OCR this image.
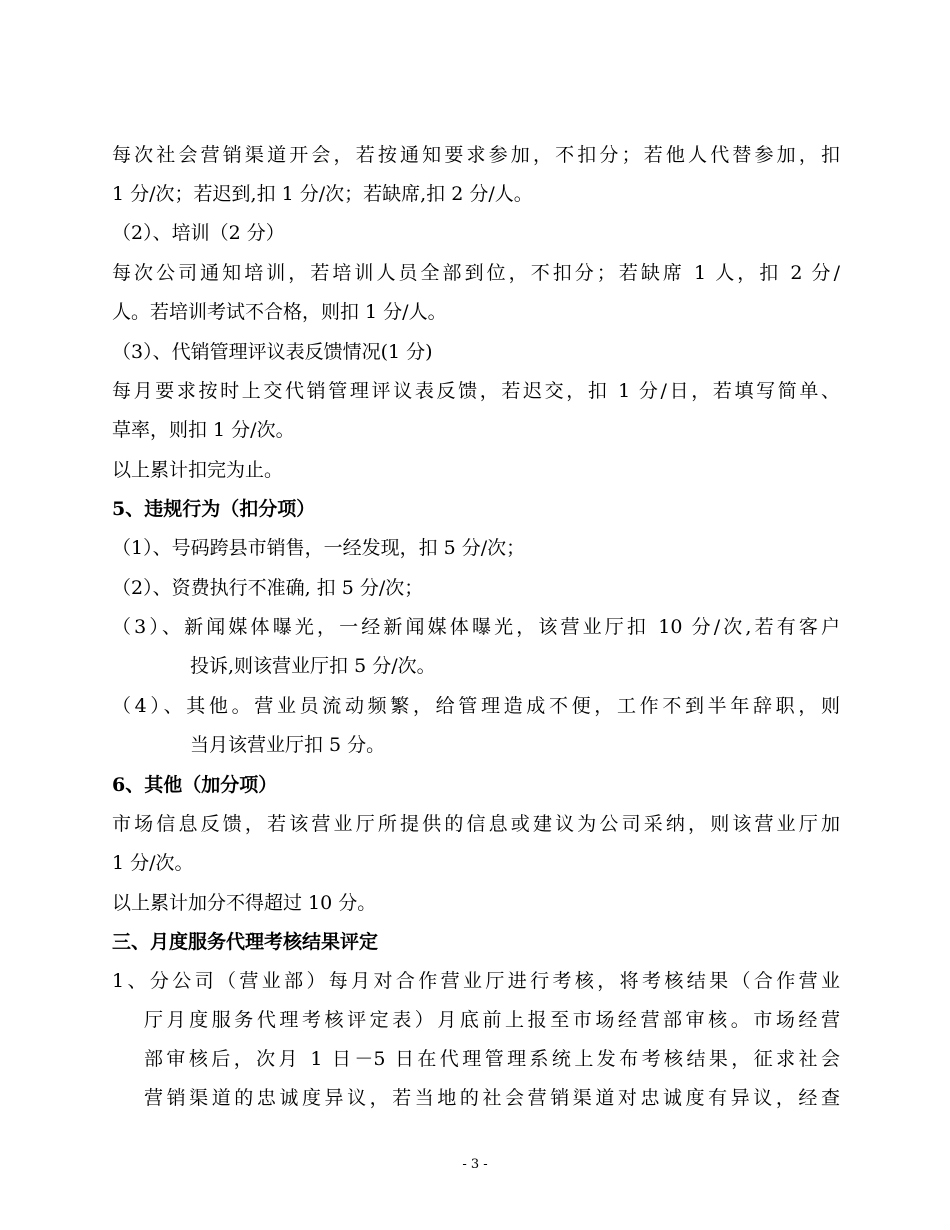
每次社会营销渠道开会，若按通知要求参加，不扣分；若他人代替参加，扣
1 分/次；若迟到,扣 1 分/次；若缺席,扣 2 分/人。
（2）、培训（2 分）
每次公司通知培训，若培训人员全部到位，不扣分；若缺席 1 人，扣 2 分/
人。若培训考试不合格，则扣 1 分/人。
（3）、代销管理评议表反馈情况(1 分)
每月要求按时上交代销管理评议表反馈，若迟交，扣 1 分/日，若填写简单、
草率，则扣 1 分/次。
以上累计扣完为止。
5、违规行为（扣分项）
（1）、号码跨县市销售，一经发现，扣 5 分/次；
（2）、资费执行不准确, 扣 5 分/次；
（3）、新闻媒体曝光，一经新闻媒体曝光，该营业厅扣 10 分/次,若有客户
投诉,则该营业厅扣 5 分/次。
（4）、其他。营业员流动频繁，给管理造成不便，工作不到半年辞职，则
当月该营业厅扣 5 分。
6、其他（加分项）
市场信息反馈，若该营业厅所提供的信息或建议为公司采纳，则该营业厅加
1 分/次。
以上累计加分不得超过 10 分。
三、月度服务代理考核结果评定
1、分公司（营业部）每月对合作营业厅进行考核，将考核结果（合作营业
厅月度服务代理考核评定表）月底前上报至市场经营部审核。市场经营
部审核后，次月 1 日－5 日在代理管理系统上发布考核结果，征求社会
营销渠道的忠诚度异议，若当地的社会营销渠道对忠诚度有异议，经查
- 3 -
